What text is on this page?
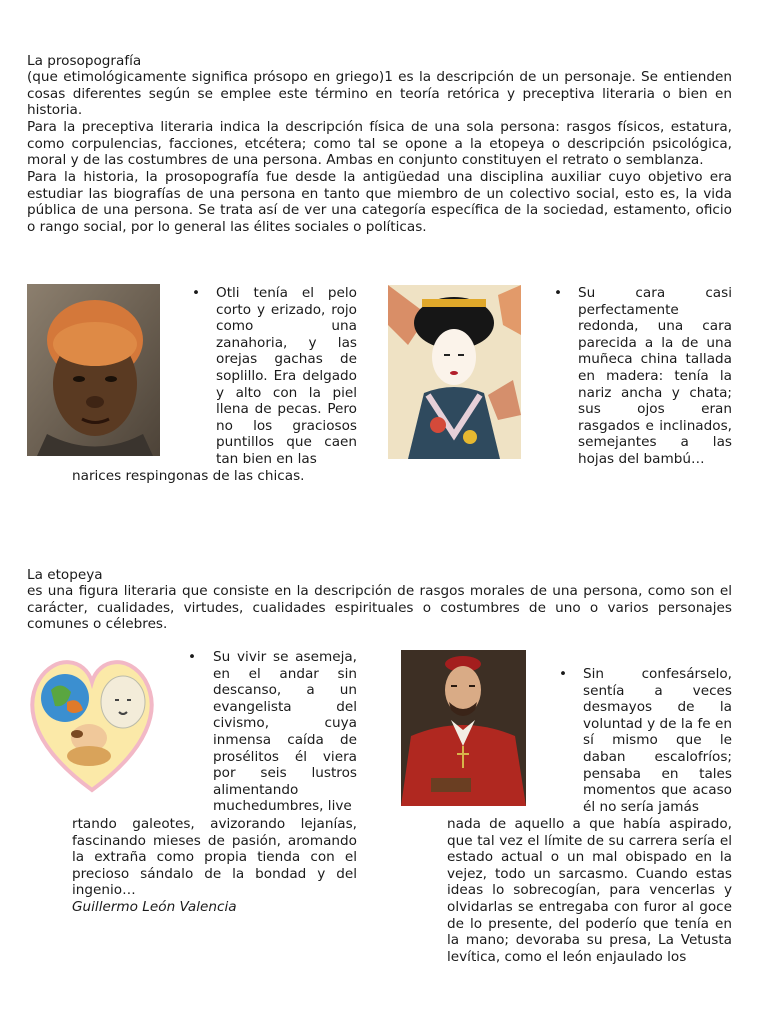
La prosopografía
(que etimológicamente significa prósopo en griego)1 es la descripción de un personaje. Se entienden cosas diferentes según se emplee este término en teoría retórica y preceptiva literaria o bien en historia.
Para la preceptiva literaria indica la descripción física de una sola persona: rasgos físicos, estatura, como corpulencias, facciones, etcétera; como tal se opone a la etopeya o descripción psicológica, moral y de las costumbres de una persona. Ambas en conjunto constituyen el retrato o semblanza.
Para la historia, la prosopografía fue desde la antigüedad una disciplina auxiliar cuyo objetivo era estudiar las biografías de una persona en tanto que miembro de un colectivo social, esto es, la vida pública de una persona. Se trata así de ver una categoría específica de la sociedad, estamento, oficio o rango social, por lo general las élites sociales o políticas.
• Otli tenía el pelo corto y erizado, rojo como una zanahoria, y las orejas gachas de soplillo. Era delgado y alto con la piel llena de pecas. Pero no los graciosos puntillos que caen tan bien en las
narices respingonas de las chicas.
• Su cara casi perfectamente redonda, una cara parecida a la de una muñeca china tallada en madera: tenía la nariz ancha y chata; sus ojos eran rasgados e inclinados, semejantes a las hojas del bambú…
La etopeya
es una figura literaria que consiste en la descripción de rasgos morales de una persona, como son el carácter, cualidades, virtudes, cualidades espirituales o costumbres de uno o varios personajes comunes o célebres.
• Su vivir se asemeja, en el andar sin descanso, a un evangelista del civismo, cuya inmensa caída de prosélitos él viera por seis lustros alimentando muchedumbres, live
rtando galeotes, avizorando lejanías, fascinando mieses de pasión, aromando la extraña como propia tienda con el precioso sándalo de la bondad y del ingenio…
Guillermo León Valencia
• Sin confesárselo, sentía a veces desmayos de la voluntad y de la fe en sí mismo que le daban escalofríos; pensaba en tales momentos que acaso él no sería jamás
nada de aquello a que había aspirado, que tal vez el límite de su carrera sería el estado actual o un mal obispado en la vejez, todo un sarcasmo. Cuando estas ideas lo sobrecogían, para vencerlas y olvidarlas se entregaba con furor al goce de lo presente, del poderío que tenía en la mano; devoraba su presa, La Vetusta levítica, como el león enjaulado los
